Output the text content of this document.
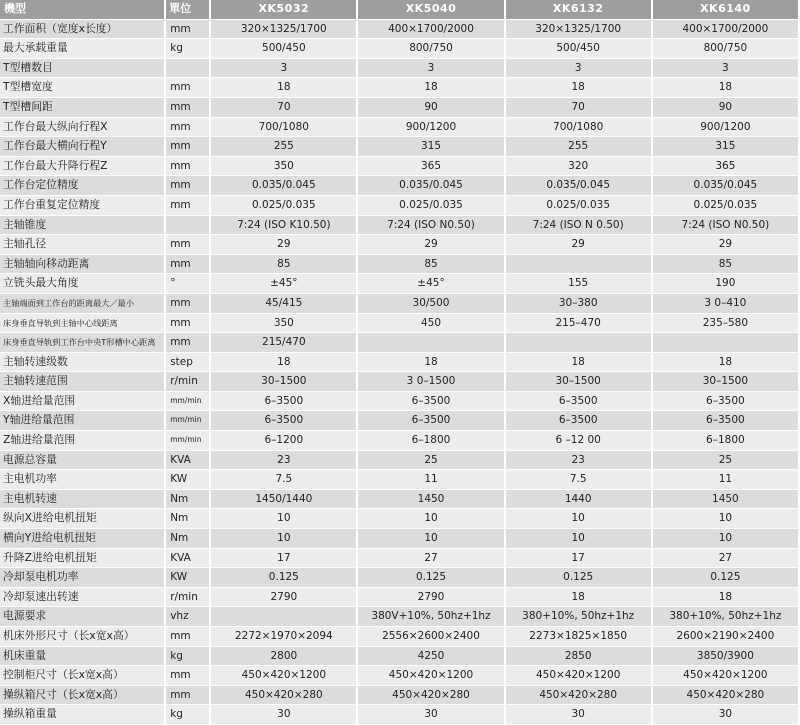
機型	單位	XK5032	XK5040	XK6132	XK6140
工作面积（宽度x长度）	mm	320×1325/1700	400×1700/2000	320×1325/1700	400×1700/2000
最大承载重量	kg	500/450	800/750	500/450	800/750
T型槽数目		3	3	3	3
T型槽宽度	mm	18	18	18	18
T型槽间距	mm	70	90	70	90
工作台最大纵向行程X	mm	700/1080	900/1200	700/1080	900/1200
工作台最大横向行程Y	mm	255	315	255	315
工作台最大升降行程Z	mm	350	365	320	365
工作台定位精度	mm	0.035/0.045	0.035/0.045	0.035/0.045	0.035/0.045
工作台重复定位精度	mm	0.025/0.035	0.025/0.035	0.025/0.035	0.025/0.035
主轴锥度		7:24 (ISO K10.50)	7:24 (ISO N0.50)	7:24 (ISO N 0.50)	7:24 (ISO N0.50)
主轴孔径	mm	29	29	29	29
主轴轴向移动距离	mm	85	85		85
立铣头最大角度	°	±45°	±45°	155	190
主轴端面到工作台的距离最大／最小	mm	45/415	30/500	30–380	3 0–410
床身垂直导轨到主轴中心线距离	mm	350	450	215–470	235–580
床身垂直导轨到工作台中央T形槽中心距离	mm	215/470			
主轴转速级数	step	18	18	18	18
主轴转速范围	r/min	30–1500	3 0–1500	30–1500	30–1500
X轴进给量范围	mm/min	6–3500	6–3500	6–3500	6–3500
Y轴进给量范围	mm/min	6–3500	6–3500	6–3500	6–3500
Z轴进给量范围	mm/min	6–1200	6–1800	6 –12 00	6–1800
电源总容量	KVA	23	25	23	25
主电机功率	KW	7.5	11	7.5	11
主电机转速	Nm	1450/1440	1450	1440	1450
纵向X进给电机扭矩	Nm	10	10	10	10
横向Y进给电机扭矩	Nm	10	10	10	10
升降Z进给电机扭矩	KVA	17	27	17	27
冷却泵电机功率	KW	0.125	0.125	0.125	0.125
冷却泵速出转速	r/min	2790	2790	18	18
电源要求	vhz		380V+10%, 50hz+1hz	380+10%, 50hz+1hz	380+10%, 50hz+1hz
机床外形尺寸（长x宽x高）	mm	2272×1970×2094	2556×2600×2400	2273×1825×1850	2600×2190×2400
机床重量	kg	2800	4250	2850	3850/3900
控制柜尺寸（长x宽x高）	mm	450×420×1200	450×420×1200	450×420×1200	450×420×1200
操纵箱尺寸（长x宽x高）	mm	450×420×280	450×420×280	450×420×280	450×420×280
操纵箱重量	kg	30	30	30	30
